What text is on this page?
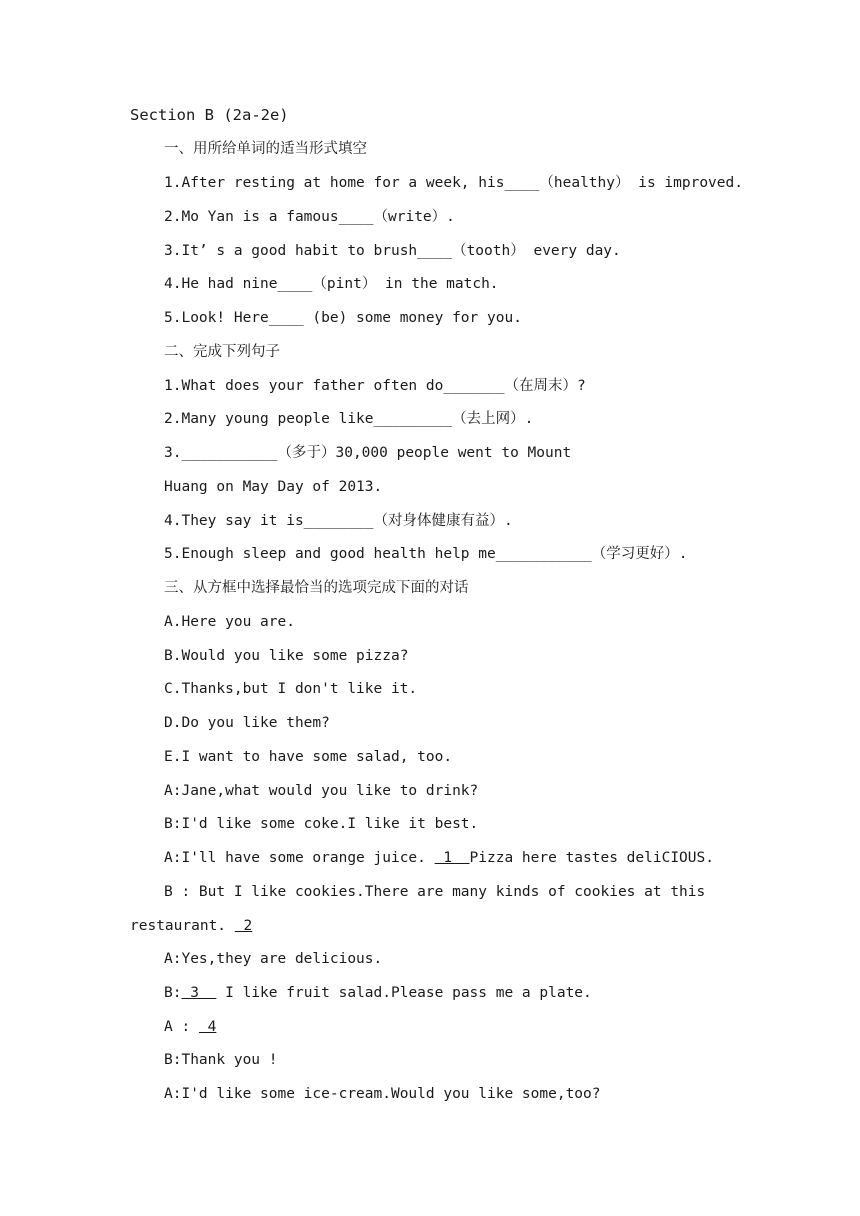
Section B (2a-2e)
一、用所给单词的适当形式填空
1.After resting at home for a week, his____（healthy） is improved.
2.Mo Yan is a famous____（write）.
3.It’ s a good habit to brush____（tooth） every day.
4.He had nine____（pint） in the match.
5.Look! Here____ (be) some money for you.
二、完成下列句子
1.What does your father often do_______（在周末）?
2.Many young people like_________（去上网）.
3.___________（多于）30,000 people went to Mount
Huang on May Day of 2013.
4.They say it is________（对身体健康有益）.
5.Enough sleep and good health help me___________（学习更好）.
三、从方框中选择最恰当的选项完成下面的对话
A.Here you are.
B.Would you like some pizza?
C.Thanks,but I don't like it.
D.Do you like them?
E.I want to have some salad, too.
A:Jane,what would you like to drink?
B:I'd like some coke.I like it best.
A:I'll have some orange juice.  1  Pizza here tastes deliCIOUS.
B : But I like cookies.There are many kinds of cookies at this
restaurant.  2
A:Yes,they are delicious.
B: 3   I like fruit salad.Please pass me a plate.
A :  4
B:Thank you !
A:I'd like some ice-cream.Would you like some,too?
